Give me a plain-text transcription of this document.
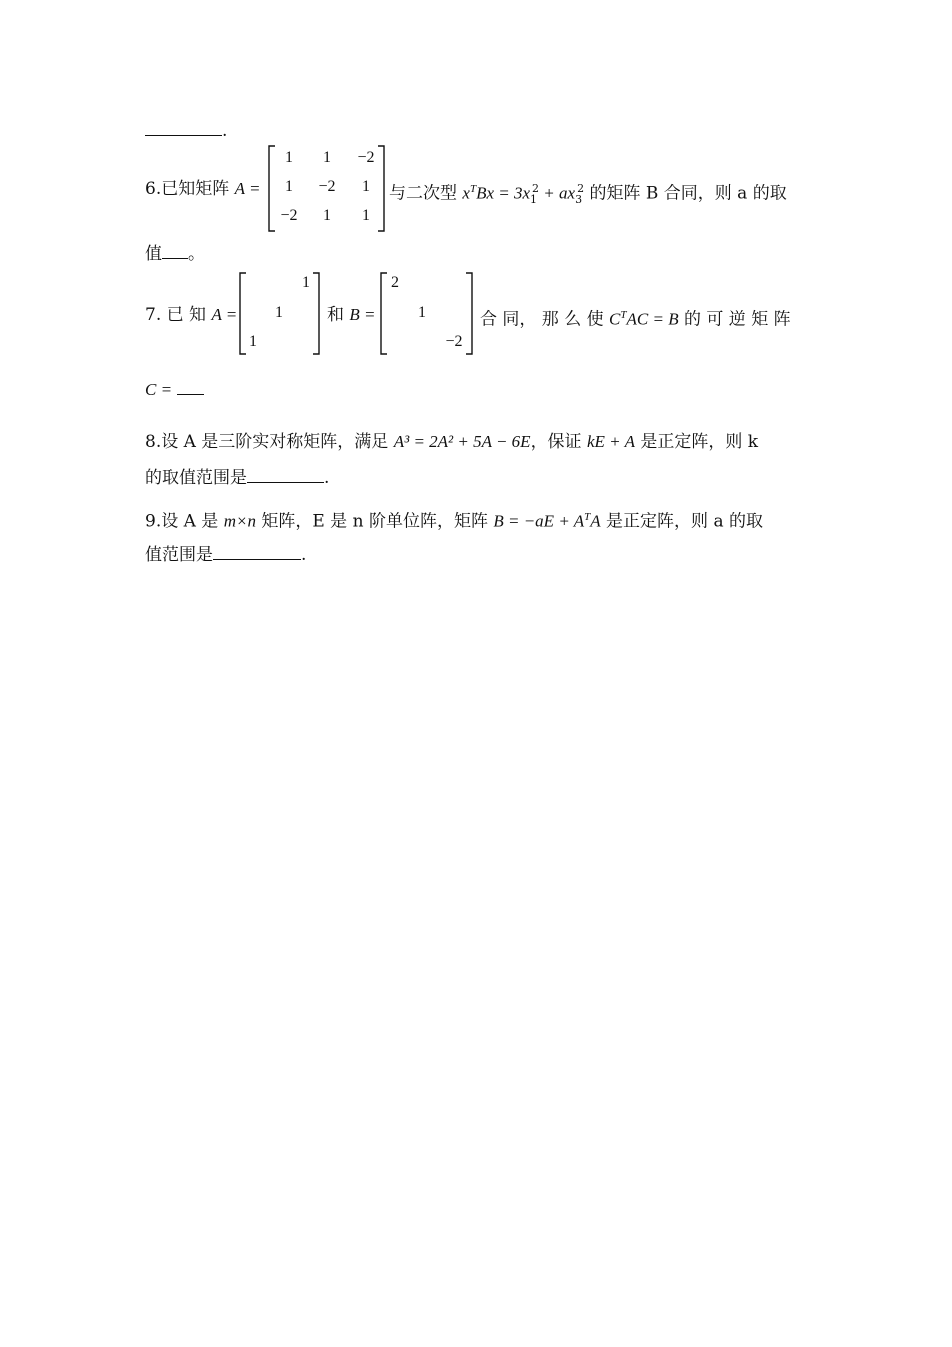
.
6.已知矩阵 A =
1 1 −2
1 −2 1
−2 1 1
与二次型 $x^TBx = 3x_1^2 + ax_3^2$ 的矩阵 B 合同，则 a 的取
值 。
7. 已 知 A =
1
1
1
和 B =
2
1
−2
合 同， 那 么 使 $C^TAC = B$ 的 可 逆 矩 阵
C =
8.设 A 是三阶实对称矩阵，满足 A³ = 2A² + 5A − 6E，保证 kE + A 是正定阵，则 k
的取值范围是	.
9.设 A 是 m×n 矩阵，E 是 n 阶单位阵，矩阵 $B = -aE + A^TA$ 是正定阵，则 a 的取
值范围是	.
